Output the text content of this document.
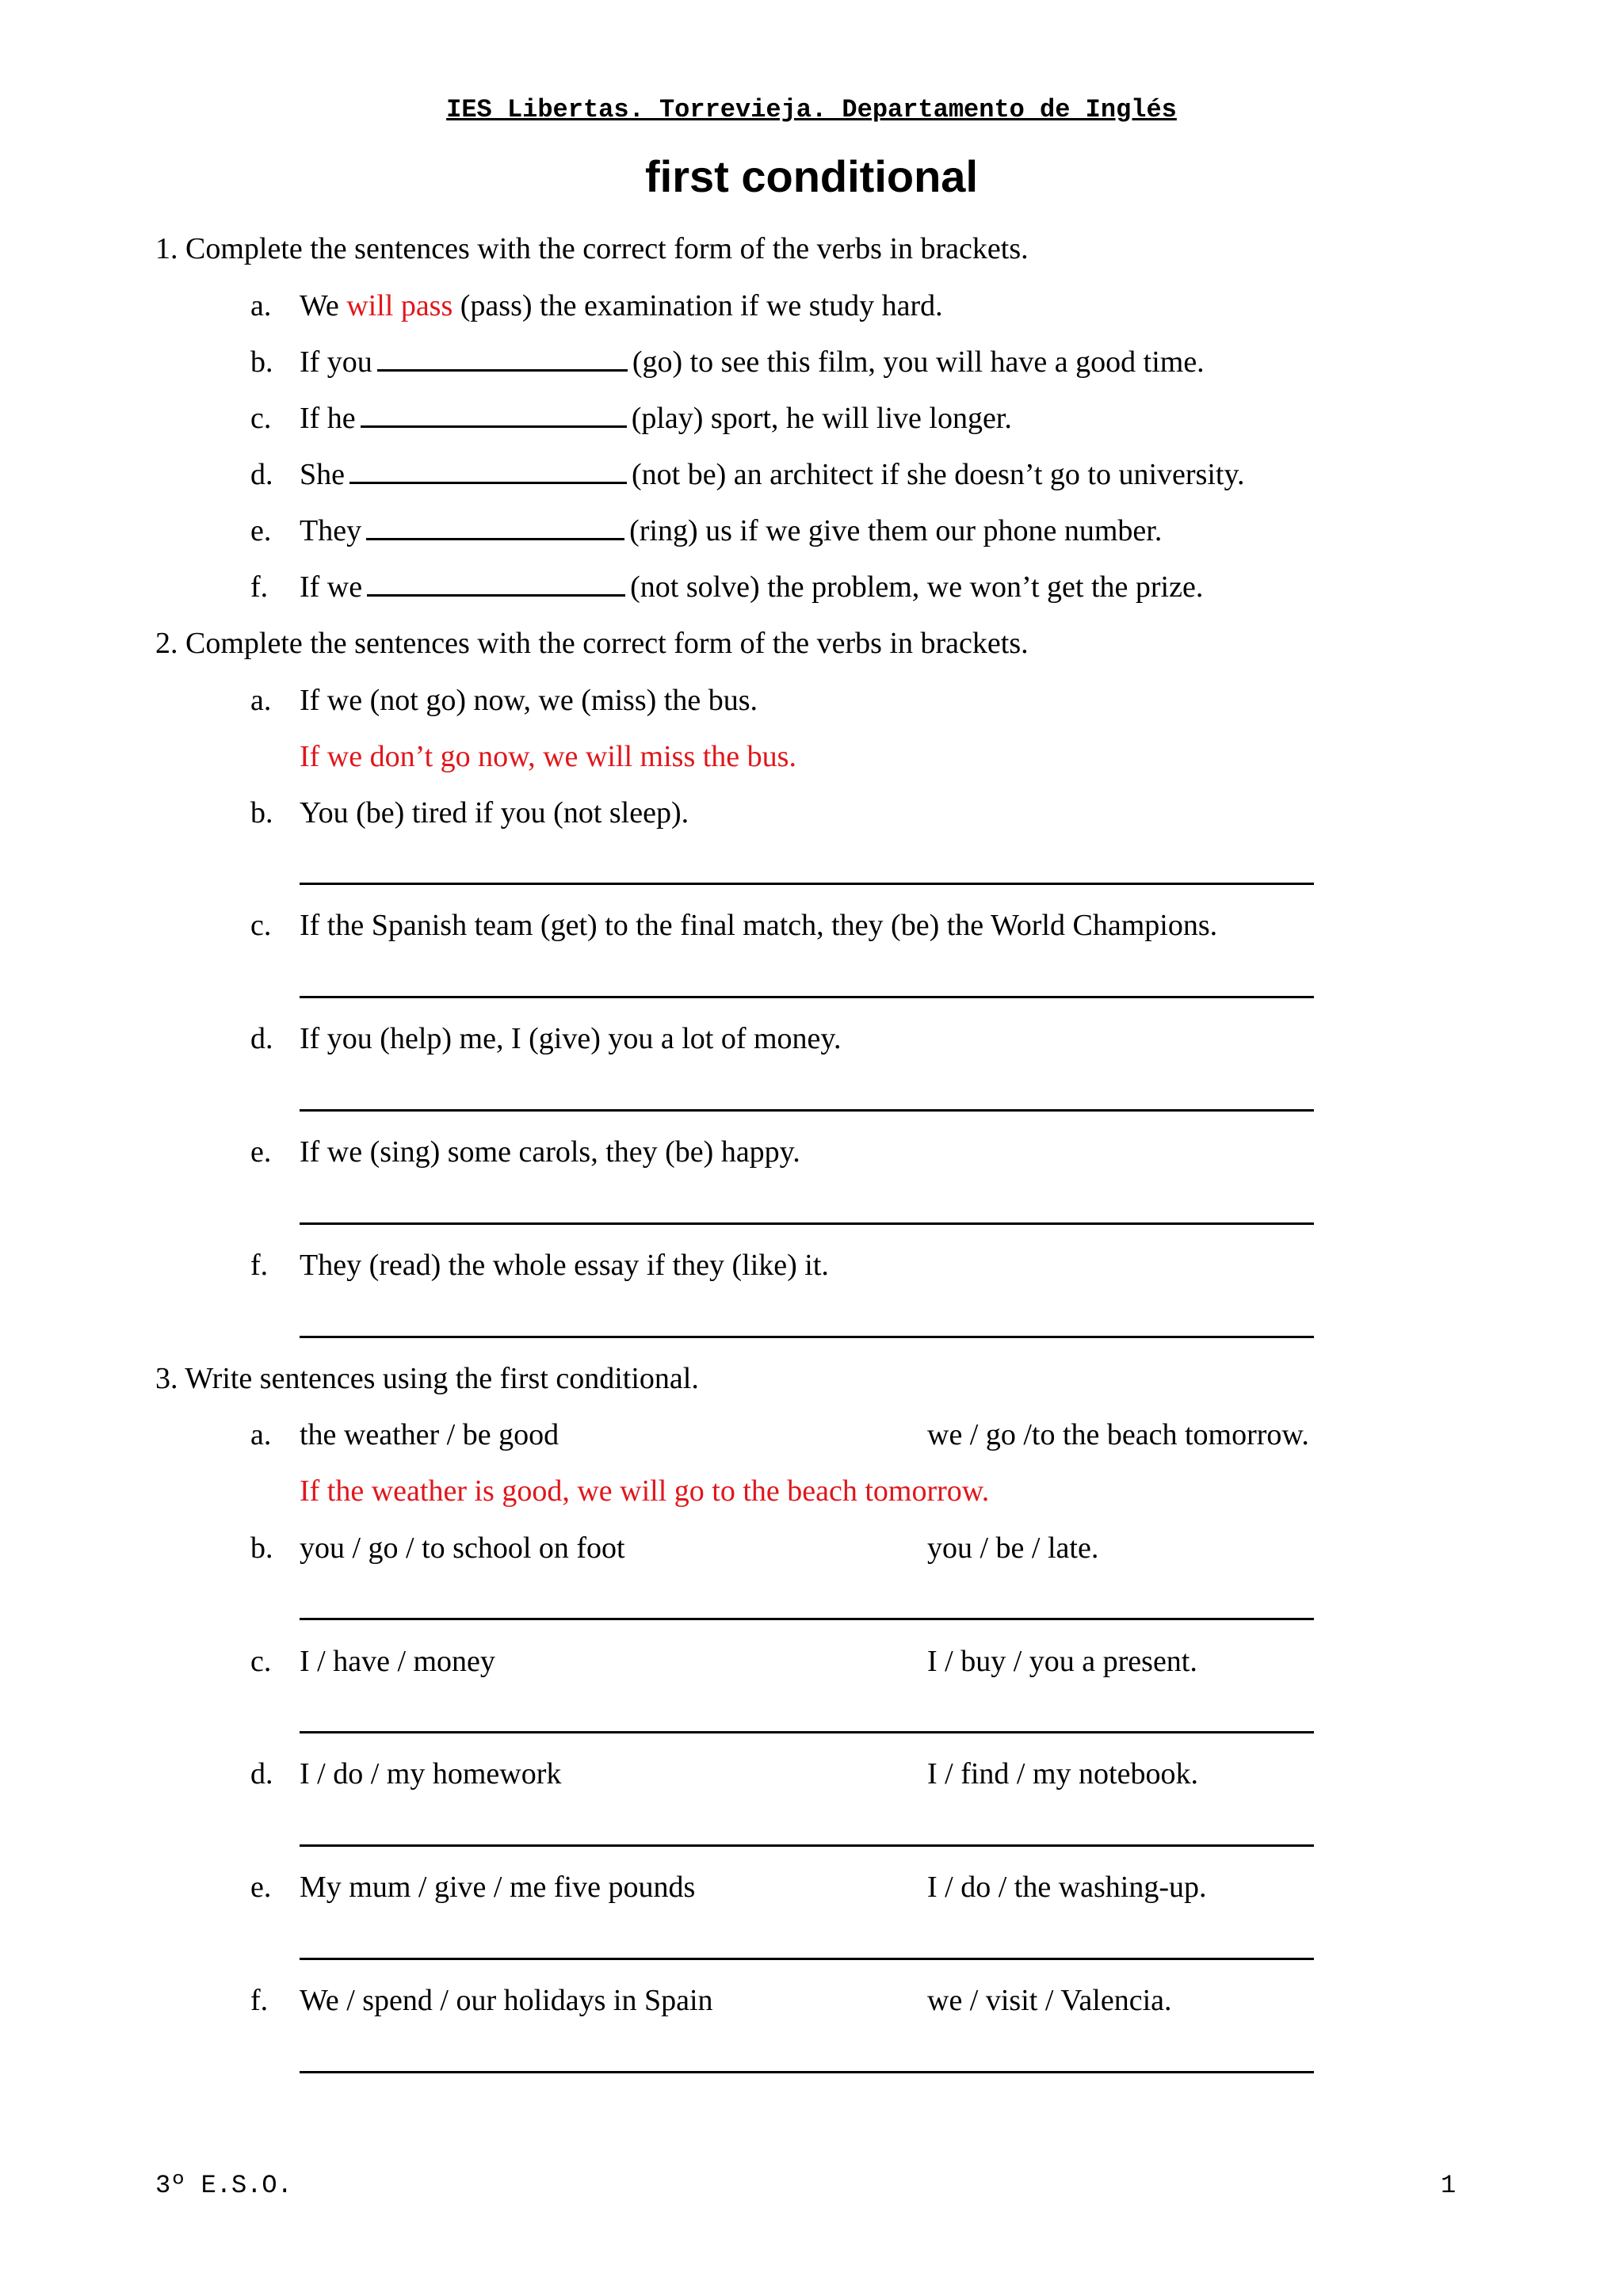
IES Libertas. Torrevieja. Departamento de Inglés
first conditional
1. Complete the sentences with the correct form of the verbs in brackets.
a. We will pass (pass) the examination if we study hard.
b. If you	(go) to see this film, you will have a good time.
c. If he	(play) sport, he will live longer.
d. She	(not be) an architect if she doesn’t go to university.
e. They	(ring) us if we give them our phone number.
f. If we	(not solve) the problem, we won’t get the prize.
2. Complete the sentences with the correct form of the verbs in brackets.
a. If we (not go) now, we (miss) the bus.
If we don’t go now, we will miss the bus.
b. You (be) tired if you (not sleep).
c. If the Spanish team (get) to the final match, they (be) the World Champions.
d. If you (help) me, I (give) you a lot of money.
e. If we (sing) some carols, they (be) happy.
f. They (read) the whole essay if they (like) it.
3. Write sentences using the first conditional.
a. the weather / be good	we / go /to the beach tomorrow.
If the weather is good, we will go to the beach tomorrow.
b. you / go / to school on foot	you / be / late.
c. I / have / money	I / buy / you a present.
d. I / do / my homework	I / find / my notebook.
e. My mum / give / me five pounds	I / do / the washing-up.
f. We / spend / our holidays in Spain	we / visit / Valencia.
3º E.S.O.	1
